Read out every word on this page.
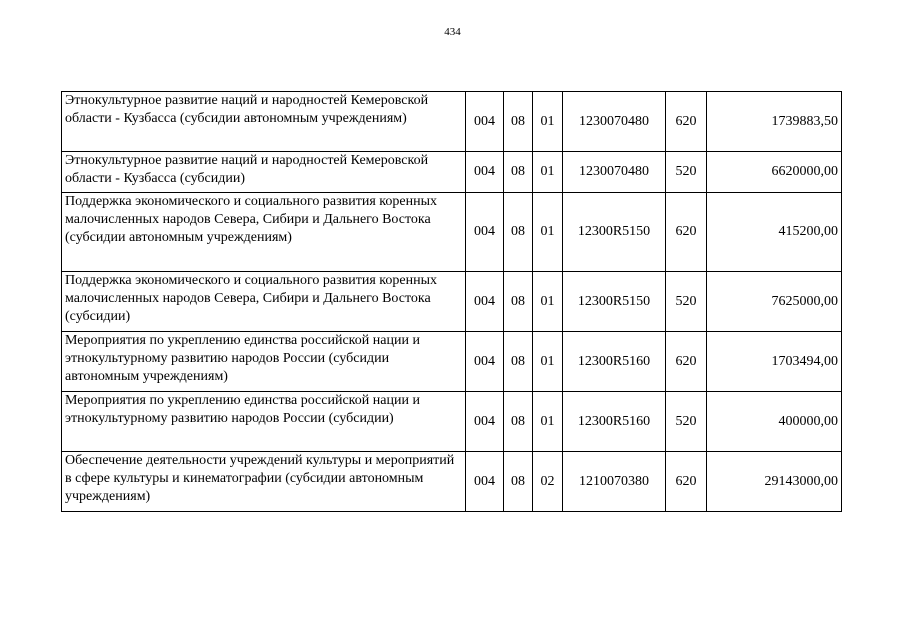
434
Этнокультурное развитие наций и народностей Кемеровской области - Кузбасса (субсидии автономным учреждениям)	004	08	01	1230070480	620	1739883,50
Этнокультурное развитие наций и народностей Кемеровской области - Кузбасса (субсидии)	004	08	01	1230070480	520	6620000,00
Поддержка экономического и социального развития коренных малочисленных народов Севера, Сибири и Дальнего Востока (субсидии автономным учреждениям)	004	08	01	12300R5150	620	415200,00
Поддержка экономического и социального развития коренных малочисленных народов Севера, Сибири и Дальнего Востока (субсидии)	004	08	01	12300R5150	520	7625000,00
Мероприятия по укреплению единства российской нации и этнокультурному развитию народов России (субсидии автономным учреждениям)	004	08	01	12300R5160	620	1703494,00
Мероприятия по укреплению единства российской нации и этнокультурному развитию народов России (субсидии)	004	08	01	12300R5160	520	400000,00
Обеспечение деятельности учреждений культуры и мероприятий в сфере культуры и кинематографии (субсидии автономным учреждениям)	004	08	02	1210070380	620	29143000,00
